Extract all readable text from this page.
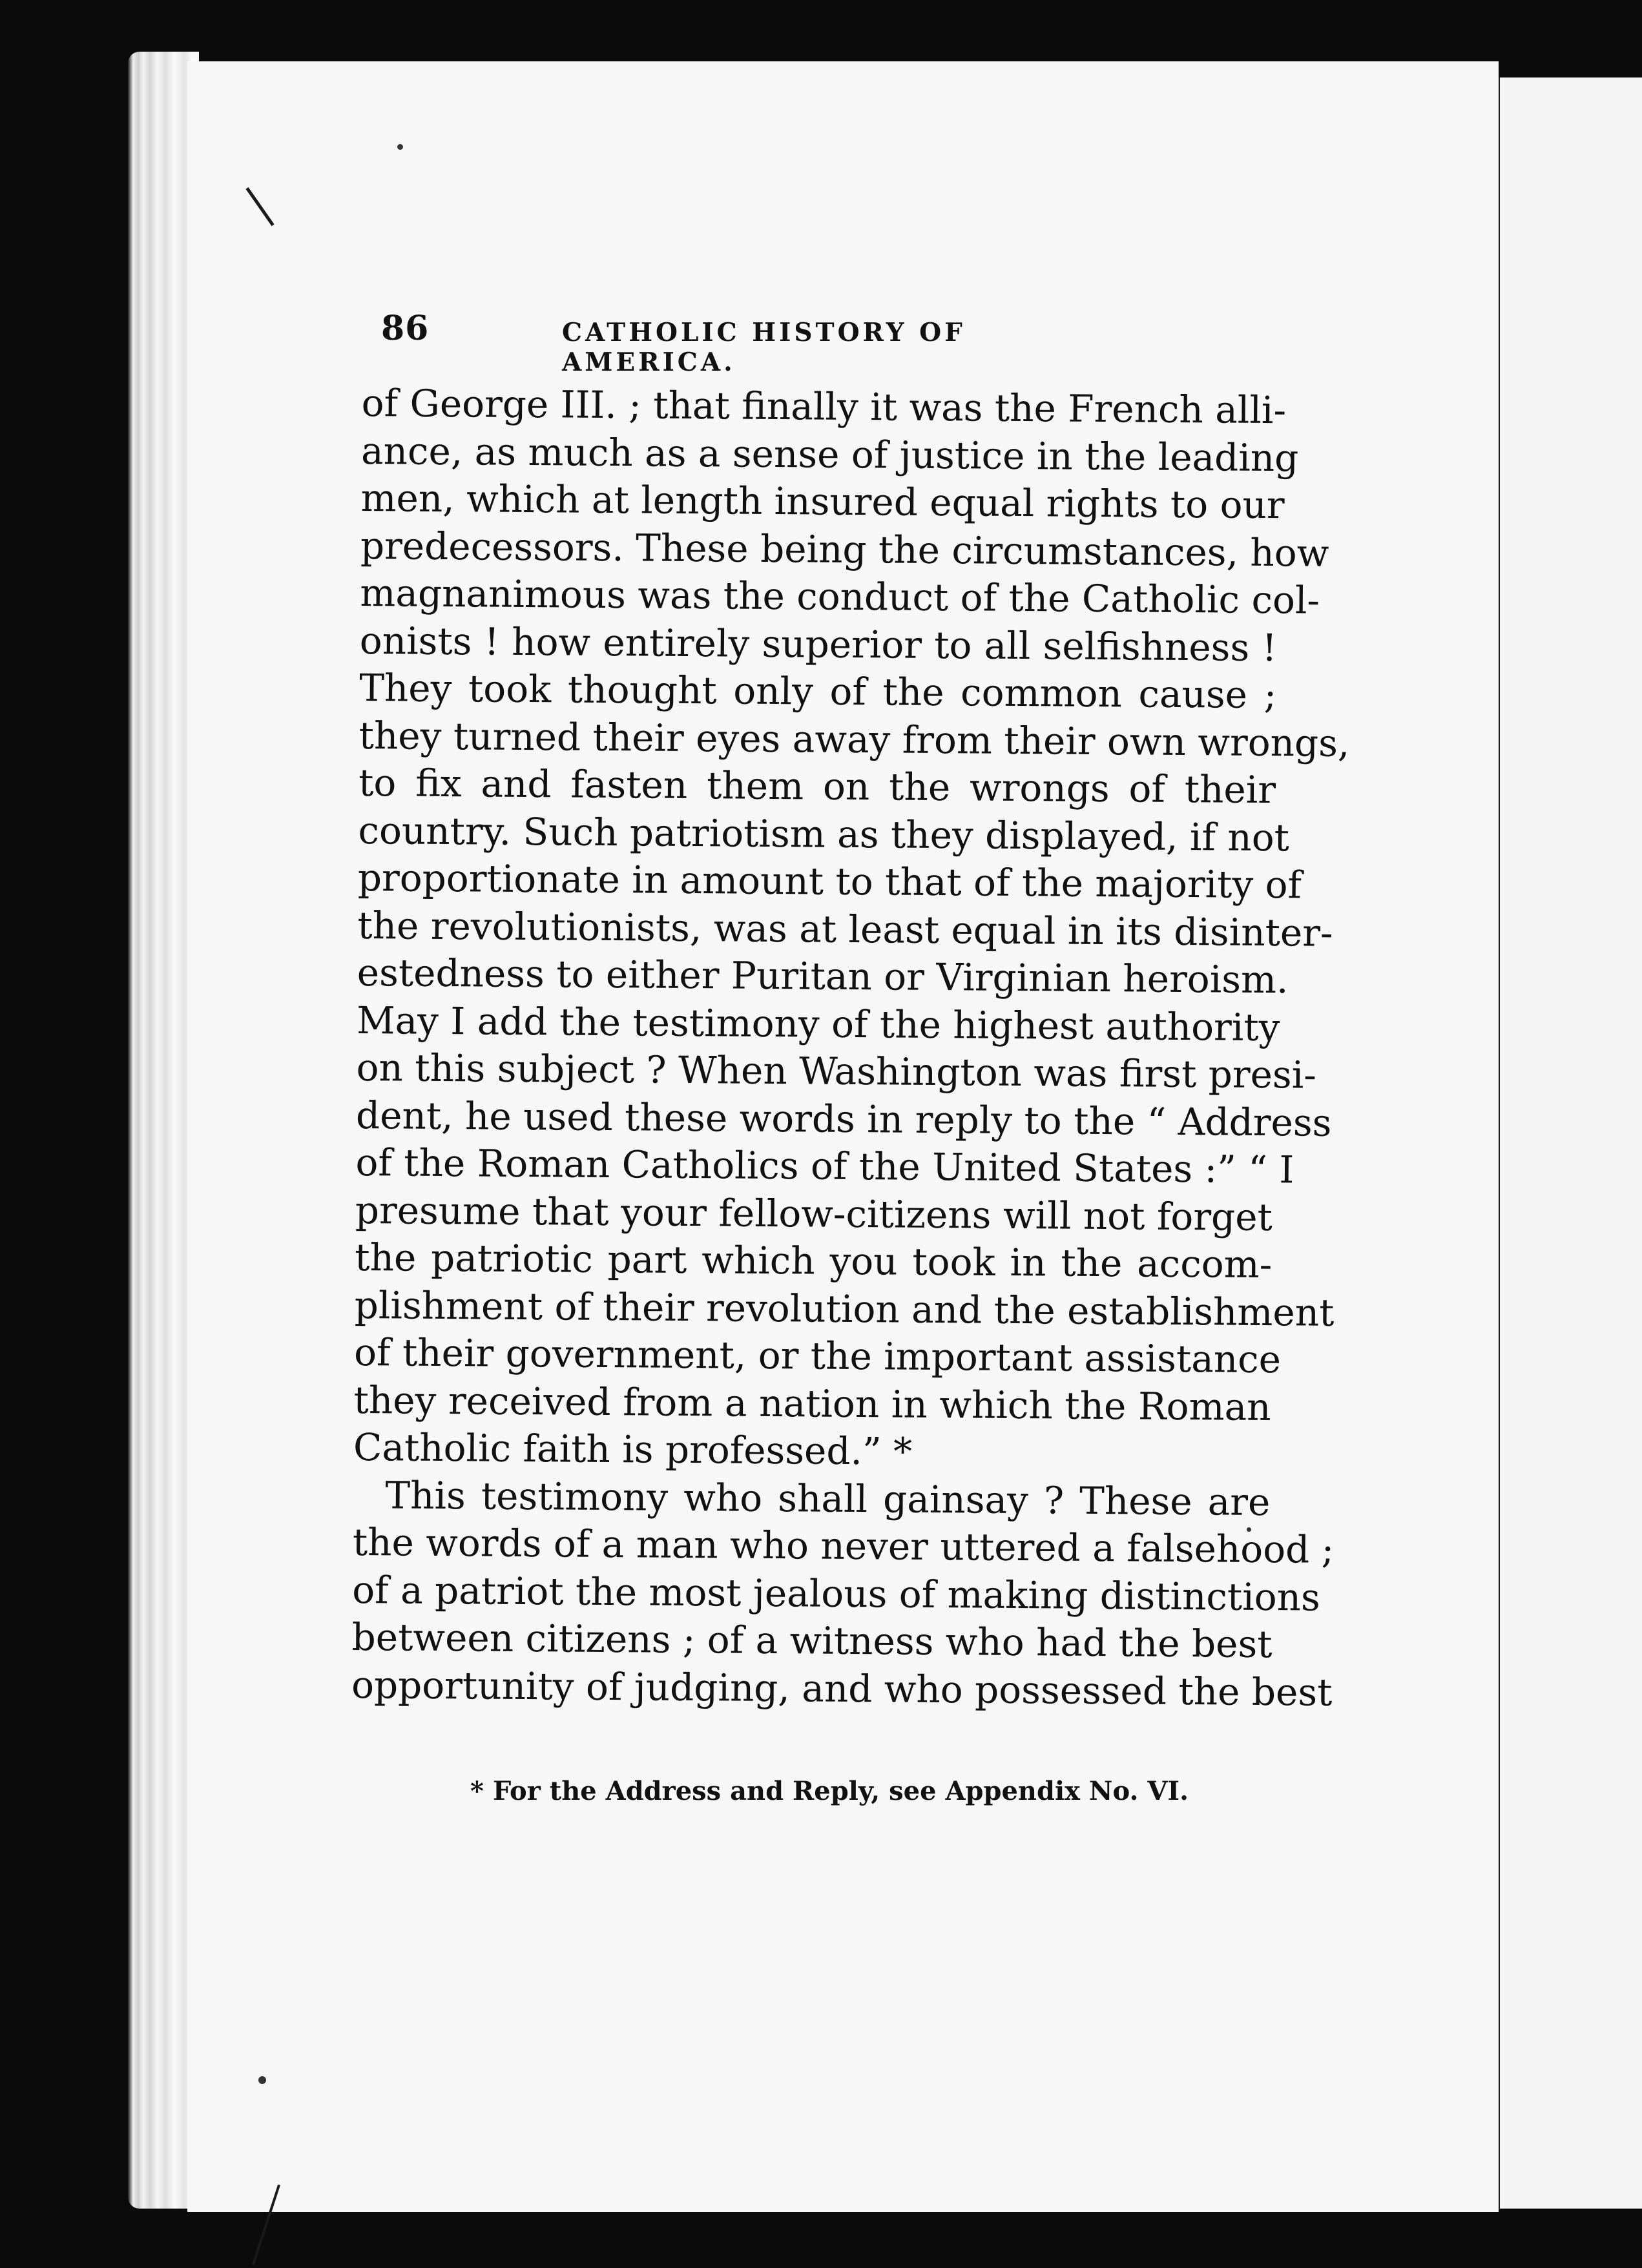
86	CATHOLIC HISTORY OF AMERICA.
of George III. ; that finally it was the French alli-
ance, as much as a sense of justice in the leading
men, which at length insured equal rights to our
predecessors. These being the circumstances, how
magnanimous was the conduct of the Catholic col-
onists ! how entirely superior to all selfishness !
They took thought only of the common cause ;
they turned their eyes away from their own wrongs,
to fix and fasten them on the wrongs of their
country. Such patriotism as they displayed, if not
proportionate in amount to that of the majority of
the revolutionists, was at least equal in its disinter-
estedness to either Puritan or Virginian heroism.
May I add the testimony of the highest authority
on this subject ? When Washington was first presi-
dent, he used these words in reply to the “ Address
of the Roman Catholics of the United States :” “ I
presume that your fellow-citizens will not forget
the patriotic part which you took in the accom-
plishment of their revolution and the establishment
of their government, or the important assistance
they received from a nation in which the Roman
Catholic faith is professed.” *
This testimony who shall gainsay ? These are
the words of a man who never uttered a falsehood ;
of a patriot the most jealous of making distinctions
between citizens ; of a witness who had the best
opportunity of judging, and who possessed the best
* For the Address and Reply, see Appendix No. VI.
